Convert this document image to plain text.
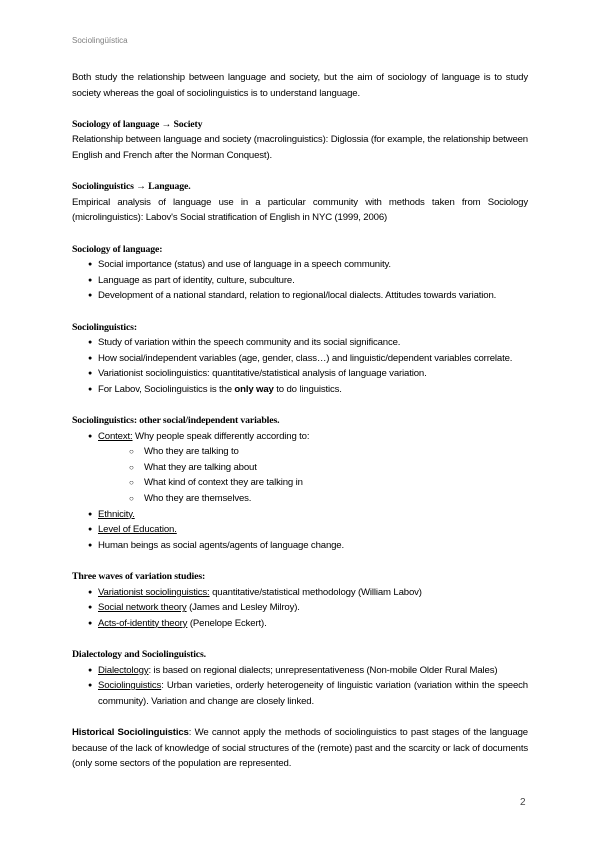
Sociolingüística

Both study the relationship between language and society, but the aim of sociology of language is to study society whereas the goal of sociolinguistics is to understand language.

Sociology of language → Society

Relationship between language and society (macrolinguistics): Diglossia (for example, the relationship between English and French after the Norman Conquest).

Sociolinguistics → Language.

Empirical analysis of language use in a particular community with methods taken from Sociology (microlinguistics): Labov's Social stratification of English in NYC (1999, 2006)

Sociology of language:
● Social importance (status) and use of language in a speech community.
● Language as part of identity, culture, subculture.
● Development of a national standard, relation to regional/local dialects. Attitudes towards variation.
Sociolinguistics:
● Study of variation within the speech community and its social significance.
● How social/independent variables (age, gender, class…) and linguistic/dependent variables correlate.
● Variationist sociolinguistics: quantitative/statistical analysis of language variation.
● For Labov, Sociolinguistics is the only way to do linguistics.
Sociolinguistics: other social/independent variables.
● Context: Why people speak differently according to:
○ Who they are talking to
○ What they are talking about
○ What kind of context they are talking in
○ Who they are themselves.
● Ethnicity.
● Level of Education.
● Human beings as social agents/agents of language change.
Three waves of variation studies:
● Variationist sociolinguistics: quantitative/statistical methodology (William Labov)
● Social network theory (James and Lesley Milroy).
● Acts-of-identity theory (Penelope Eckert).
Dialectology and Sociolinguistics.
● Dialectology: is based on regional dialects; unrepresentativeness (Non-mobile Older Rural Males)
● Sociolinguistics: Urban varieties, orderly heterogeneity of linguistic variation (variation within the speech community). Variation and change are closely linked.

Historical Sociolinguistics: We cannot apply the methods of sociolinguistics to past stages of the language because of the lack of knowledge of social structures of the (remote) past and the scarcity or lack of documents (only some sectors of the population are represented.

2
